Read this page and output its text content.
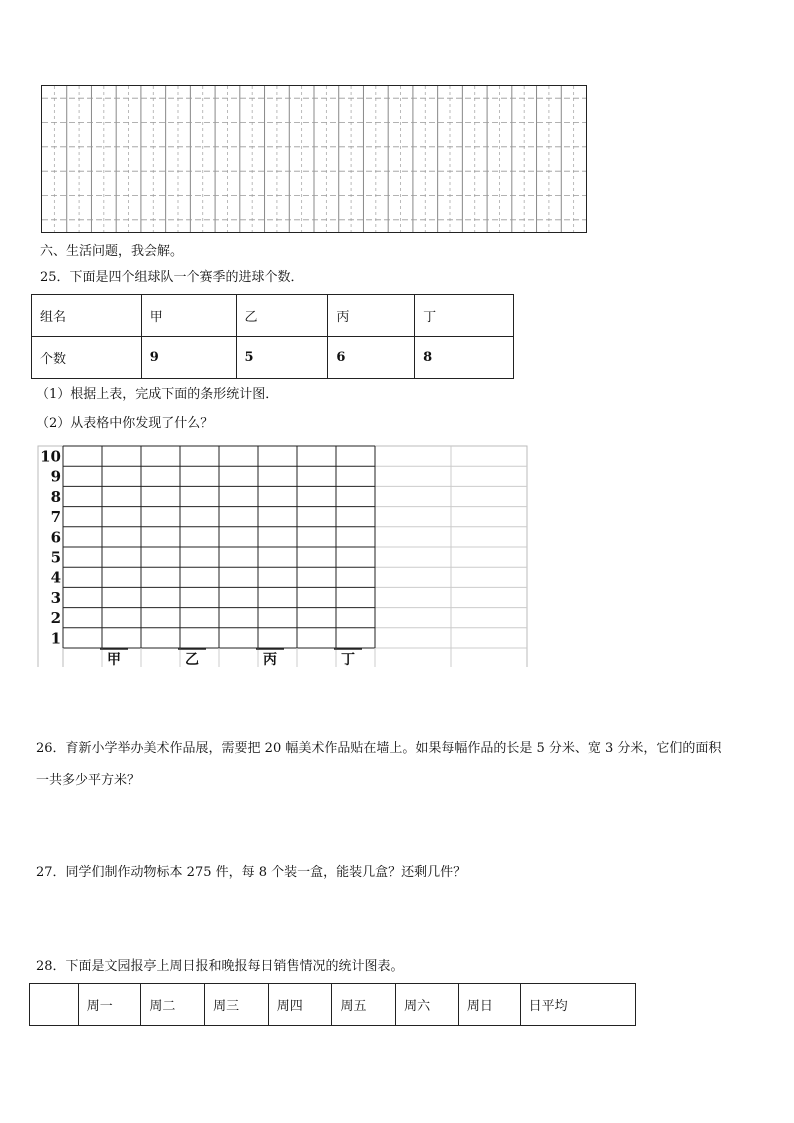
六、生活问题，我会解。
25．下面是四个组球队一个赛季的进球个数．
组名	甲	乙	丙	丁
个数	9	5	6	8
（1）根据上表，完成下面的条形统计图．
（2）从表格中你发现了什么？
10
9
8
7
6
5
4
3
2
1
甲	乙	丙	丁
26．育新小学举办美术作品展，需要把 20 幅美术作品贴在墙上。如果每幅作品的长是 5 分米、宽 3 分米，它们的面积
一共多少平方米？
27．同学们制作动物标本 275 件，每 8 个装一盒，能装几盒？还剩几件？
28．下面是文园报亭上周日报和晚报每日销售情况的统计图表。
	周一	周二	周三	周四	周五	周六	周日	日平均
